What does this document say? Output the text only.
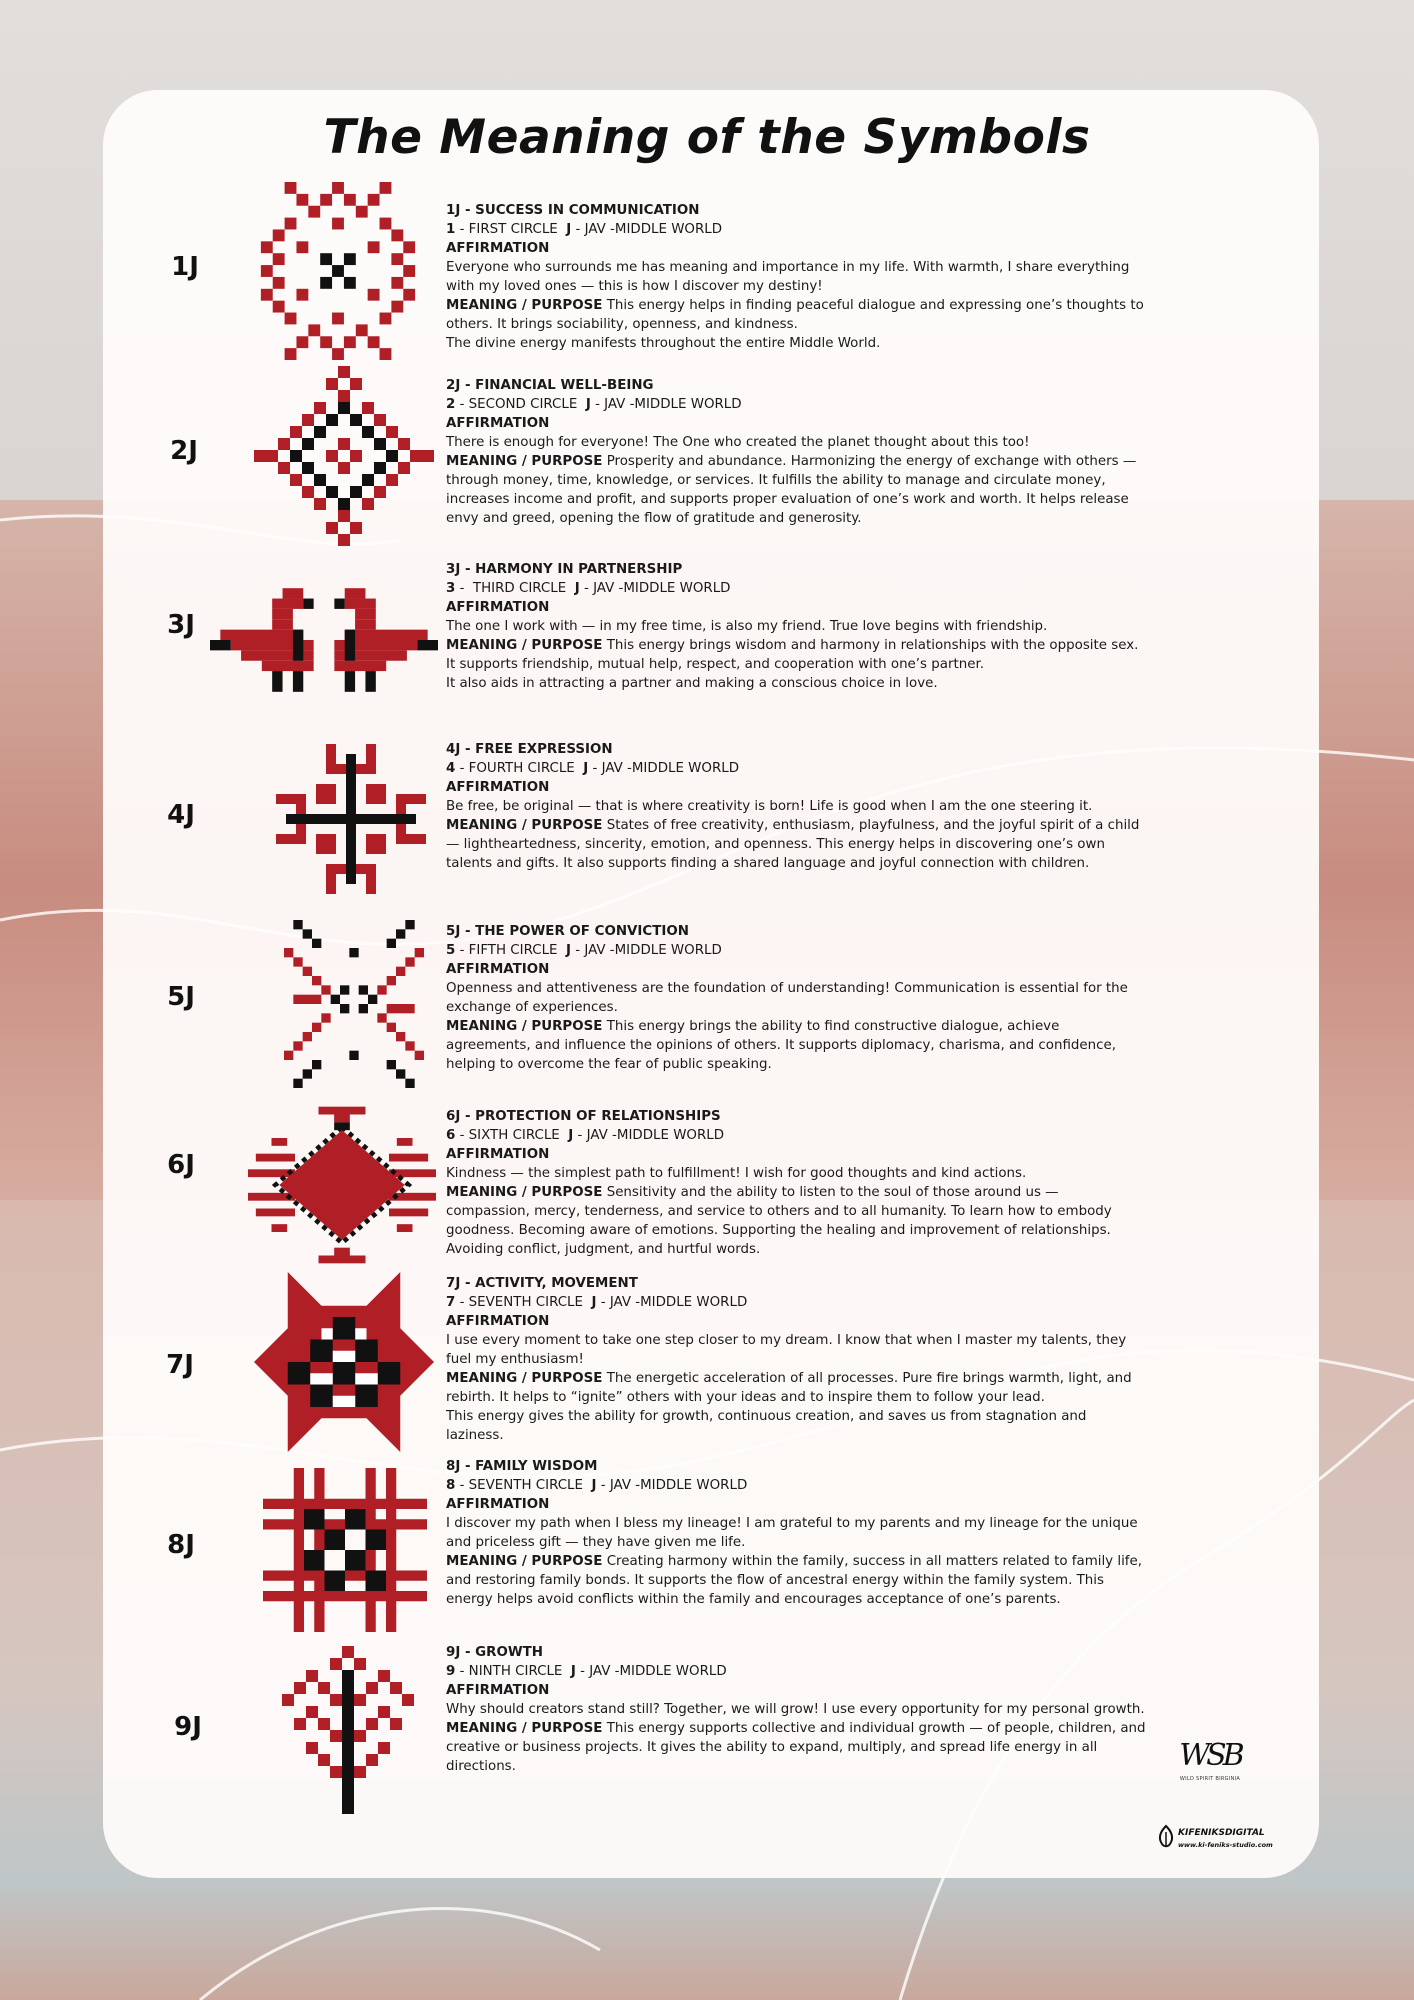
The Meaning of the Symbols
1J

1J - SUCCESS IN COMMUNICATION

1 - FIRST CIRCLE  J - JAV -MIDDLE WORLD

AFFIRMATION

Everyone who surrounds me has meaning and importance in my life. With warmth, I share everything with my loved ones — this is how I discover my destiny!

MEANING / PURPOSE This energy helps in finding peaceful dialogue and expressing one’s thoughts to others. It brings sociability, openness, and kindness.
The divine energy manifests throughout the entire Middle World.

2J

2J - FINANCIAL WELL-BEING

2 - SECOND CIRCLE  J - JAV -MIDDLE WORLD

AFFIRMATION

There is enough for everyone! The One who created the planet thought about this too!

MEANING / PURPOSE Prosperity and abundance. Harmonizing the energy of exchange with others — through money, time, knowledge, or services. It fulfills the ability to manage and circulate money, increases income and profit, and supports proper evaluation of one’s work and worth. It helps release envy and greed, opening the flow of gratitude and generosity.

3J

3J - HARMONY IN PARTNERSHIP

3 -  THIRD CIRCLE  J - JAV -MIDDLE WORLD

AFFIRMATION

The one I work with — in my free time, is also my friend. True love begins with friendship.

MEANING / PURPOSE This energy brings wisdom and harmony in relationships with the opposite sex. It supports friendship, mutual help, respect, and cooperation with one’s partner.
It also aids in attracting a partner and making a conscious choice in love.

4J

4J - FREE EXPRESSION

4 - FOURTH CIRCLE  J - JAV -MIDDLE WORLD

AFFIRMATION

Be free, be original — that is where creativity is born! Life is good when I am the one steering it.

MEANING / PURPOSE States of free creativity, enthusiasm, playfulness, and the joyful spirit of a child — lightheartedness, sincerity, emotion, and openness. This energy helps in discovering one’s own talents and gifts. It also supports finding a shared language and joyful connection with children.

5J

5J - THE POWER OF CONVICTION

5 - FIFTH CIRCLE  J - JAV -MIDDLE WORLD

AFFIRMATION

Openness and attentiveness are the foundation of understanding! Communication is essential for the exchange of experiences.

MEANING / PURPOSE This energy brings the ability to find constructive dialogue, achieve agreements, and influence the opinions of others. It supports diplomacy, charisma, and confidence, helping to overcome the fear of public speaking.

6J

6J - PROTECTION OF RELATIONSHIPS

6 - SIXTH CIRCLE  J - JAV -MIDDLE WORLD

AFFIRMATION

Kindness — the simplest path to fulfillment! I wish for good thoughts and kind actions.

MEANING / PURPOSE Sensitivity and the ability to listen to the soul of those around us — compassion, mercy, tenderness, and service to others and to all humanity. To learn how to embody goodness. Becoming aware of emotions. Supporting the healing and improvement of relationships. Avoiding conflict, judgment, and hurtful words.

7J

7J - ACTIVITY, MOVEMENT

7 - SEVENTH CIRCLE  J - JAV -MIDDLE WORLD

AFFIRMATION

I use every moment to take one step closer to my dream. I know that when I master my talents, they fuel my enthusiasm!

MEANING / PURPOSE The energetic acceleration of all processes. Pure fire brings warmth, light, and rebirth. It helps to “ignite” others with your ideas and to inspire them to follow your lead.
This energy gives the ability for growth, continuous creation, and saves us from stagnation and laziness.

8J

8J - FAMILY WISDOM

8 - SEVENTH CIRCLE  J - JAV -MIDDLE WORLD

AFFIRMATION

I discover my path when I bless my lineage! I am grateful to my parents and my lineage for the unique and priceless gift — they have given me life.

MEANING / PURPOSE Creating harmony within the family, success in all matters related to family life, and restoring family bonds. It supports the flow of ancestral energy within the family system. This energy helps avoid conflicts within the family and encourages acceptance of one’s parents.

9J

9J - GROWTH

9 - NINTH CIRCLE  J - JAV -MIDDLE WORLD

AFFIRMATION

Why should creators stand still? Together, we will grow! I use every opportunity for my personal growth.

MEANING / PURPOSE This energy supports collective and individual growth — of people, children, and creative or business projects. It gives the ability to expand, multiply, and spread life energy in all directions.	WSB
WILD SPIRIT BIRGINIA
KIFENIKSDIGITAL
www.ki-feniks-studio.com
